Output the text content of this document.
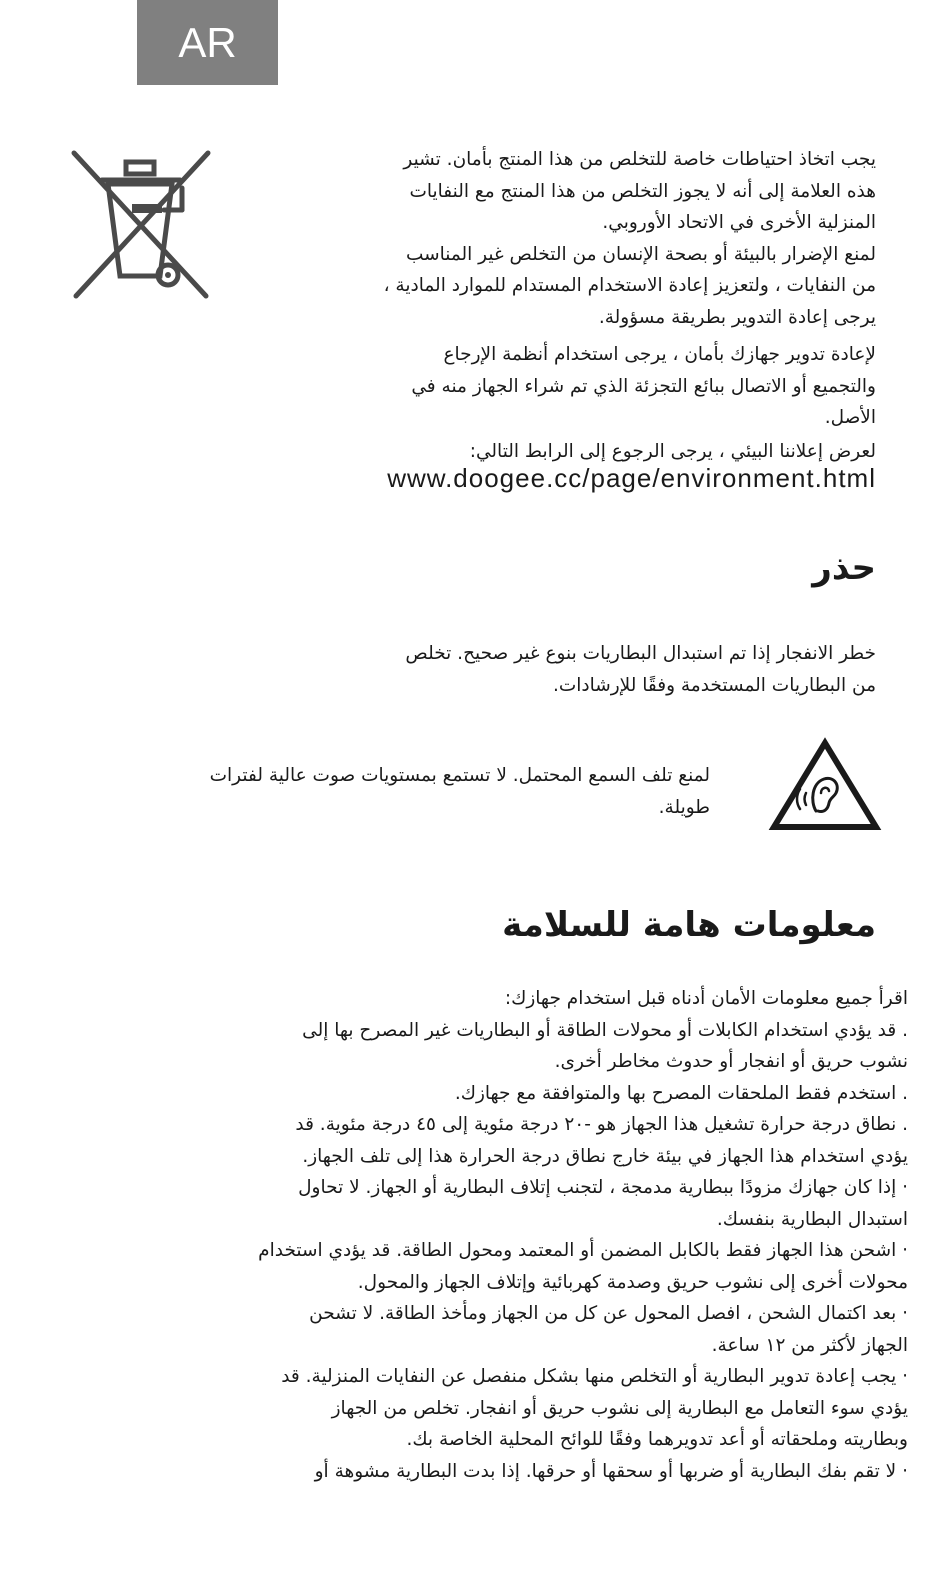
AR

يجب اتخاذ احتياطات خاصة للتخلص من هذا المنتج بأمان. تشير
هذه العلامة إلى أنه لا يجوز التخلص من هذا المنتج مع النفايات
المنزلية الأخرى في الاتحاد الأوروبي.
لمنع الإضرار بالبيئة أو بصحة الإنسان من التخلص غير المناسب
من النفايات ، ولتعزيز إعادة الاستخدام المستدام للموارد المادية ،
يرجى إعادة التدوير بطريقة مسؤولة.

لإعادة تدوير جهازك بأمان ، يرجى استخدام أنظمة الإرجاع
والتجميع أو الاتصال ببائع التجزئة الذي تم شراء الجهاز منه في
الأصل.

لعرض إعلاننا البيئي ، يرجى الرجوع إلى الرابط التالي:

www.doogee.cc/page/environment.html
حذر
خطر الانفجار إذا تم استبدال البطاريات بنوع غير صحيح. تخلص
من البطاريات المستخدمة وفقًا للإرشادات.
لمنع تلف السمع المحتمل. لا تستمع بمستويات صوت عالية لفترات
طويلة.
معلومات هامة للسلامة
اقرأ جميع معلومات الأمان أدناه قبل استخدام جهازك:
. قد يؤدي استخدام الكابلات أو محولات الطاقة أو البطاريات غير المصرح بها إلى
نشوب حريق أو انفجار أو حدوث مخاطر أخرى.
. استخدم فقط الملحقات المصرح بها والمتوافقة مع جهازك.
. نطاق درجة حرارة تشغيل هذا الجهاز هو -٢٠ درجة مئوية إلى ٤٥ درجة مئوية. قد
يؤدي استخدام هذا الجهاز في بيئة خارج نطاق درجة الحرارة هذا إلى تلف الجهاز.
· إذا كان جهازك مزودًا ببطارية مدمجة ، لتجنب إتلاف البطارية أو الجهاز. لا تحاول
استبدال البطارية بنفسك.
· اشحن هذا الجهاز فقط بالكابل المضمن أو المعتمد ومحول الطاقة. قد يؤدي استخدام
محولات أخرى إلى نشوب حريق وصدمة كهربائية وإتلاف الجهاز والمحول.
· بعد اكتمال الشحن ، افصل المحول عن كل من الجهاز ومأخذ الطاقة. لا تشحن
الجهاز لأكثر من ١٢ ساعة.
· يجب إعادة تدوير البطارية أو التخلص منها بشكل منفصل عن النفايات المنزلية. قد
يؤدي سوء التعامل مع البطارية إلى نشوب حريق أو انفجار. تخلص من الجهاز
وبطاريته وملحقاته أو أعد تدويرهما وفقًا للوائح المحلية الخاصة بك.
· لا تقم بفك البطارية أو ضربها أو سحقها أو حرقها. إذا بدت البطارية مشوهة أو
